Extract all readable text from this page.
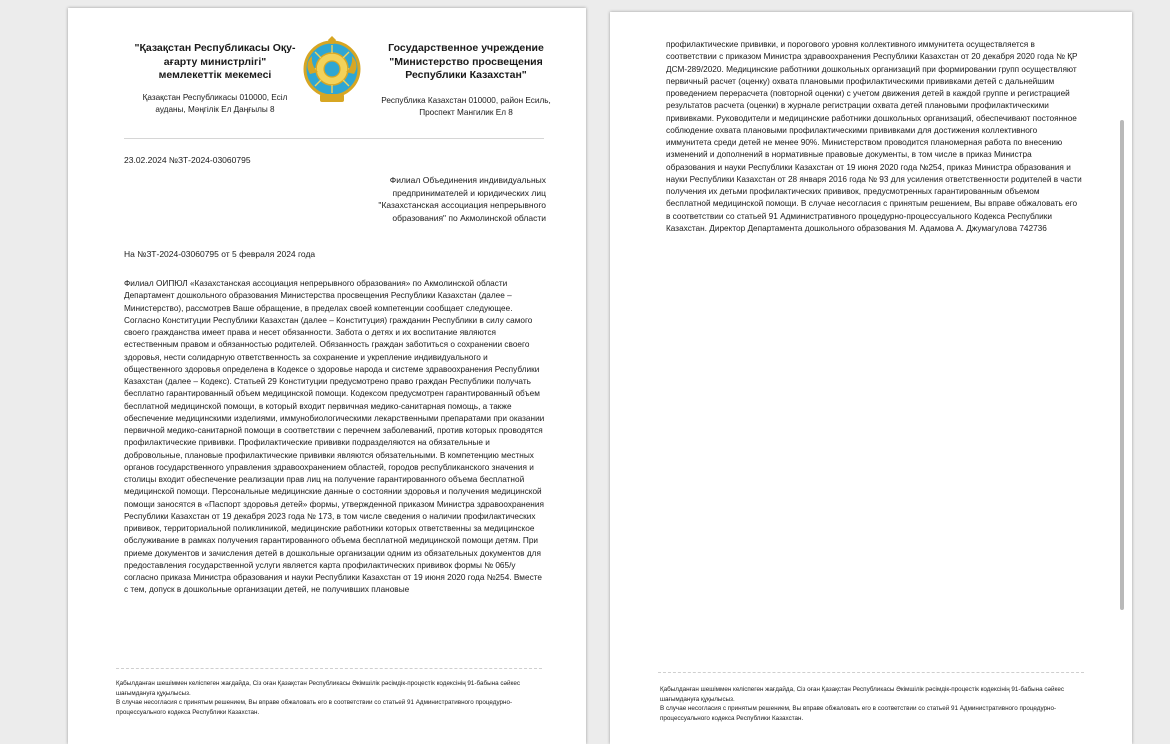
"Қазақстан Республикасы Оқу-ағарту министрлігі" мемлекеттік мекемесі
Қазақстан Республикасы 010000, Есіл ауданы, Мәңгілік Ел Даңғылы 8
Государственное учреждение "Министерство просвещения Республики Казахстан"
Республика Казахстан 010000, район Есиль, Проспект Мангилик Ел 8
23.02.2024 №ЗТ-2024-03060795
Филиал Объединения индивидуальных предпринимателей и юридических лиц "Казахстанская ассоциация непрерывного образования" по Акмолинской области
На №ЗТ-2024-03060795 от 5 февраля 2024 года
Филиал ОИПЮЛ «Казахстанская ассоциация непрерывного образования» по Акмолинской области Департамент дошкольного образования Министерства просвещения Республики Казахстан (далее – Министерство), рассмотрев Ваше обращение, в пределах своей компетенции сообщает следующее. Согласно Конституции Республики Казахстан (далее – Конституция) гражданин Республики в силу самого своего гражданства имеет права и несет обязанности. Забота о детях и их воспитание являются естественным правом и обязанностью родителей. Обязанность граждан заботиться о сохранении своего здоровья, нести солидарную ответственность за сохранение и укрепление индивидуального и общественного здоровья определена в Кодексе о здоровье народа и системе здравоохранения Республики Казахстан (далее – Кодекс). Статьей 29 Конституции предусмотрено право граждан Республики получать бесплатно гарантированный объем медицинской помощи. Кодексом предусмотрен гарантированный объем бесплатной медицинской помощи, в который входит первичная медико-санитарная помощь, а также обеспечение медицинскими изделиями, иммунобиологическими лекарственными препаратами при оказании первичной медико-санитарной помощи в соответствии с перечнем заболеваний, против которых проводятся профилактические прививки. Профилактические прививки подразделяются на обязательные и добровольные, плановые профилактические прививки являются обязательными. В компетенцию местных органов государственного управления здравоохранением областей, городов республиканского значения и столицы входит обеспечение реализации прав лиц на получение гарантированного объема бесплатной медицинской помощи. Персональные медицинские данные о состоянии здоровья и получения медицинской помощи заносятся в «Паспорт здоровья детей» формы, утвержденной приказом Министра здравоохранения Республики Казахстан от 19 декабря 2023 года № 173, в том числе сведения о наличии профилактических прививок, территориальной поликлиникой, медицинские работники которых ответственны за медицинское обслуживание в рамках получения гарантированного объема бесплатной медицинской помощи детям. При приеме документов и зачисления детей в дошкольные организации одним из обязательных документов для предоставления государственной услуги является карта профилактических прививок формы № 065/у согласно приказа Министра образования и науки Республики Казахстан от 19 июня 2020 года №254. Вместе с тем, допуск в дошкольные организации детей, не получивших плановые

Қабылданған шешіммен келіспеген жағдайда, Сіз оған Қазақстан Республикасы Әкімшілік рәсімдік-процестік кодексінің 91-бабына сәйкес шағымдануға құқылысыз.

В случае несогласия с принятым решением, Вы вправе обжаловать его в соответствии со статьей 91 Административного процедурно-процессуального кодекса Республики Казахстан.

профилактические прививки, и порогового уровня коллективного иммунитета осуществляется в соответствии с приказом Министра здравоохранения Республики Казахстан от 20 декабря 2020 года № ҚР ДСМ-289/2020. Медицинские работники дошкольных организаций при формировании групп осуществляют первичный расчет (оценку) охвата плановыми профилактическими прививками детей с дальнейшим проведением перерасчета (повторной оценки) с учетом движения детей в каждой группе и регистрацией результатов расчета (оценки) в журнале регистрации охвата детей плановыми профилактическими прививками. Руководители и медицинские работники дошкольных организаций, обеспечивают постоянное соблюдение охвата плановыми профилактическими прививками для достижения коллективного иммунитета среди детей не менее 90%. Министерством проводится планомерная работа по внесению изменений и дополнений в нормативные правовые документы, в том числе в приказ Министра образования и науки Республики Казахстан от 19 июня 2020 года №254, приказ Министра образования и науки Республики Казахстан от 28 января 2016 года № 93 для усиления ответственности родителей в части получения их детьми профилактических прививок, предусмотренных гарантированным объемом бесплатной медицинской помощи. В случае несогласия с принятым решением, Вы вправе обжаловать его в соответствии со статьей 91 Административного процедурно-процессуального Кодекса Республики Казахстан. Директор Департамента дошкольного образования М. Адамова А. Джумагулова 742736

Қабылданған шешіммен келіспеген жағдайда, Сіз оған Қазақстан Республикасы Әкімшілік рәсімдік-процестік кодексінің 91-бабына сәйкес шағымдануға құқылысыз.

В случае несогласия с принятым решением, Вы вправе обжаловать его в соответствии со статьей 91 Административного процедурно-процессуального кодекса Республики Казахстан.
